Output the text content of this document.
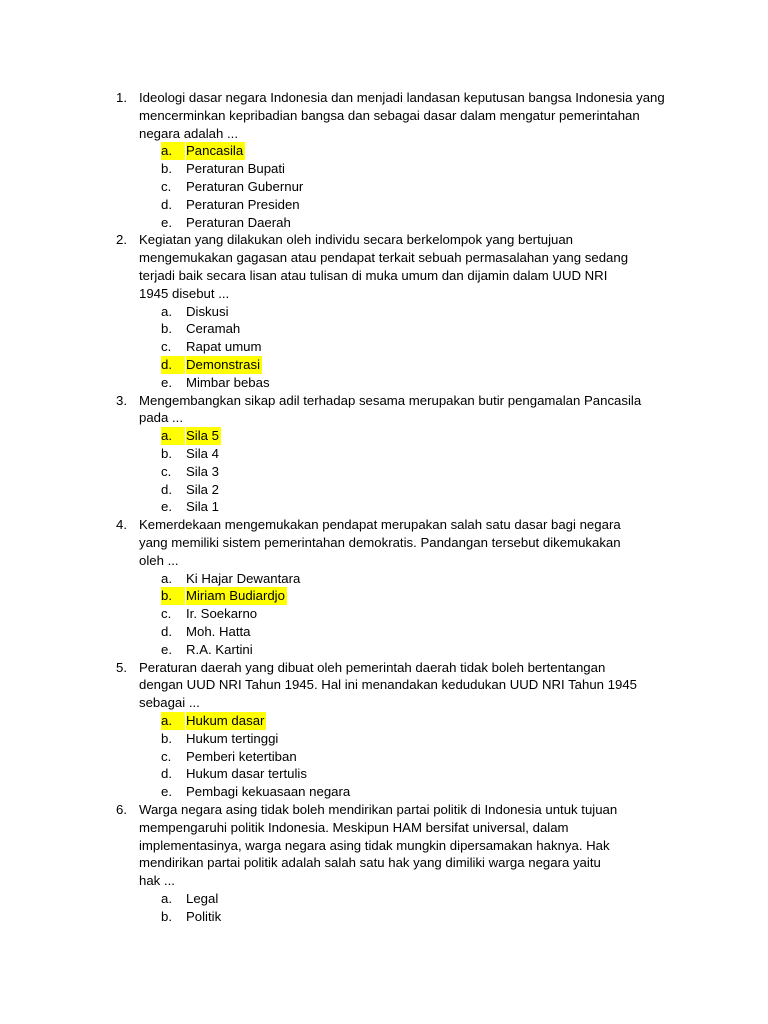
1. Ideologi dasar negara Indonesia dan menjadi landasan keputusan bangsa Indonesia yang
mencerminkan kepribadian bangsa dan sebagai dasar dalam mengatur pemerintahan
negara adalah ...
a.	Pancasila
b. Peraturan Bupati
c. Peraturan Gubernur
d. Peraturan Presiden
e. Peraturan Daerah
2. Kegiatan yang dilakukan oleh individu secara berkelompok yang bertujuan
mengemukakan gagasan atau pendapat terkait sebuah permasalahan yang sedang
terjadi baik secara lisan atau tulisan di muka umum dan dijamin dalam UUD NRI
1945 disebut ...
a. Diskusi
b. Ceramah
c. Rapat umum
d.	Demonstrasi
e. Mimbar bebas
3. Mengembangkan sikap adil terhadap sesama merupakan butir pengamalan Pancasila
pada ...
a.	Sila 5
b. Sila 4
c. Sila 3
d. Sila 2
e. Sila 1
4. Kemerdekaan mengemukakan pendapat merupakan salah satu dasar bagi negara
yang memiliki sistem pemerintahan demokratis. Pandangan tersebut dikemukakan
oleh ...
a. Ki Hajar Dewantara
b.	Miriam Budiardjo
c. Ir. Soekarno
d. Moh. Hatta
e. R.A. Kartini
5. Peraturan daerah yang dibuat oleh pemerintah daerah tidak boleh bertentangan
dengan UUD NRI Tahun 1945. Hal ini menandakan kedudukan UUD NRI Tahun 1945
sebagai ...
a.	Hukum dasar
b. Hukum tertinggi
c. Pemberi ketertiban
d. Hukum dasar tertulis
e. Pembagi kekuasaan negara
6. Warga negara asing tidak boleh mendirikan partai politik di Indonesia untuk tujuan
mempengaruhi politik Indonesia. Meskipun HAM bersifat universal, dalam
implementasinya, warga negara asing tidak mungkin dipersamakan haknya. Hak
mendirikan partai politik adalah salah satu hak yang dimiliki warga negara yaitu
hak ...
a. Legal
b. Politik
